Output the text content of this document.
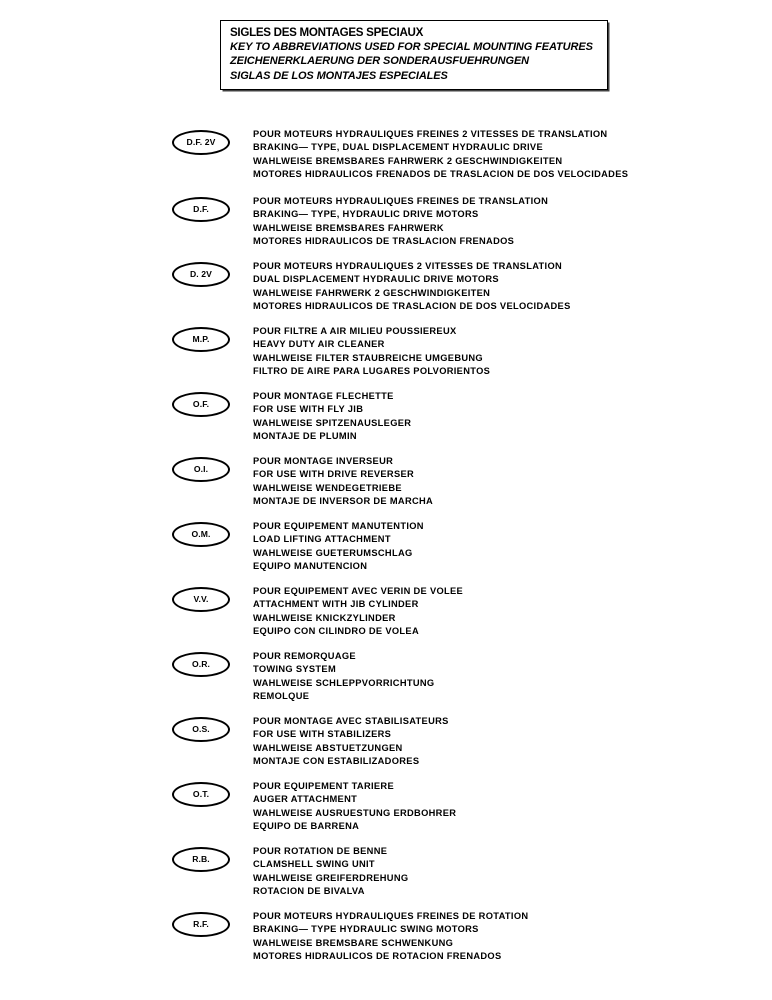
SIGLES DES MONTAGES SPECIAUX
KEY TO ABBREVIATIONS USED FOR SPECIAL MOUNTING FEATURES
ZEICHENERKLAERUNG DER SONDERAUSFUEHRUNGEN
SIGLAS DE LOS MONTAJES ESPECIALES
D.F. 2V
POUR MOTEURS HYDRAULIQUES FREINES 2 VITESSES DE TRANSLATION
BRAKING— TYPE, DUAL DISPLACEMENT HYDRAULIC DRIVE
WAHLWEISE BREMSBARES FAHRWERK 2 GESCHWINDIGKEITEN
MOTORES HIDRAULICOS FRENADOS DE TRASLACION DE DOS VELOCIDADES
D.F.
POUR MOTEURS HYDRAULIQUES FREINES DE TRANSLATION
BRAKING— TYPE, HYDRAULIC DRIVE MOTORS
WAHLWEISE BREMSBARES FAHRWERK
MOTORES HIDRAULICOS DE TRASLACION FRENADOS
D. 2V
POUR MOTEURS HYDRAULIQUES 2 VITESSES DE TRANSLATION
DUAL DISPLACEMENT HYDRAULIC DRIVE MOTORS
WAHLWEISE FAHRWERK 2 GESCHWINDIGKEITEN
MOTORES HIDRAULICOS DE TRASLACION DE DOS VELOCIDADES
M.P.
POUR FILTRE A AIR MILIEU POUSSIEREUX
HEAVY DUTY AIR CLEANER
WAHLWEISE FILTER STAUBREICHE UMGEBUNG
FILTRO DE AIRE PARA LUGARES POLVORIENTOS
O.F.
POUR MONTAGE FLECHETTE
FOR USE WITH FLY JIB
WAHLWEISE SPITZENAUSLEGER
MONTAJE DE PLUMIN
O.I.
POUR MONTAGE INVERSEUR
FOR USE WITH DRIVE REVERSER
WAHLWEISE WENDEGETRIEBE
MONTAJE DE INVERSOR DE MARCHA
O.M.
POUR EQUIPEMENT MANUTENTION
LOAD LIFTING ATTACHMENT
WAHLWEISE GUETERUMSCHLAG
EQUIPO MANUTENCION
V.V.
POUR EQUIPEMENT AVEC VERIN DE VOLEE
ATTACHMENT WITH JIB CYLINDER
WAHLWEISE KNICKZYLINDER
EQUIPO CON CILINDRO DE VOLEA
O.R.
POUR REMORQUAGE
TOWING SYSTEM
WAHLWEISE SCHLEPPVORRICHTUNG
REMOLQUE
O.S.
POUR MONTAGE AVEC STABILISATEURS
FOR USE WITH STABILIZERS
WAHLWEISE ABSTUETZUNGEN
MONTAJE CON ESTABILIZADORES
O.T.
POUR EQUIPEMENT TARIERE
AUGER ATTACHMENT
WAHLWEISE AUSRUESTUNG ERDBOHRER
EQUIPO DE BARRENA
R.B.
POUR ROTATION DE BENNE
CLAMSHELL SWING UNIT
WAHLWEISE GREIFERDREHUNG
ROTACION DE BIVALVA
R.F.
POUR MOTEURS HYDRAULIQUES FREINES DE ROTATION
BRAKING— TYPE HYDRAULIC SWING MOTORS
WAHLWEISE BREMSBARE SCHWENKUNG
MOTORES HIDRAULICOS DE ROTACION FRENADOS
